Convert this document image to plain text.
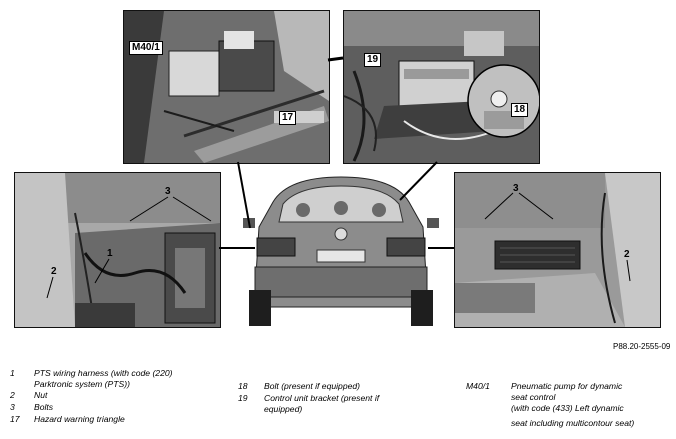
M40/1
17
19
18
3
1
2
3
2
P88.20-2555-09
1 PTS wiring harness (with code (220)
Parktronic system (PTS))
2 Nut
3 Bolts
17 Hazard warning triangle
18 Bolt (present if equipped)
19 Control unit bracket (present if
equipped)
M40/1 Pneumatic pump for dynamic
seat control
(with code (433) Left dynamic
seat including multicontour seat)
